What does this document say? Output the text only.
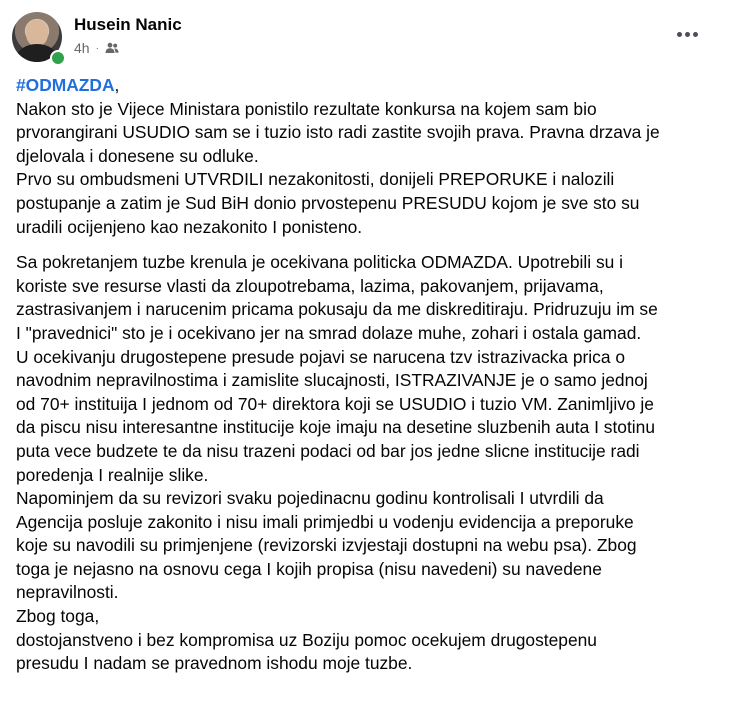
Husein Nanic
4h ·

#ODMAZDA,

Nakon sto je Vijece Ministara ponistilo rezultate konkursa na kojem sam bio

prvorangirani USUDIO sam se i tuzio isto radi zastite svojih prava. Pravna drzava je

djelovala i donesene su odluke.

Prvo su ombudsmeni UTVRDILI nezakonitosti, donijeli PREPORUKE i nalozili

postupanje a zatim je Sud BiH donio prvostepenu PRESUDU kojom je sve sto su

uradili ocijenjeno kao nezakonito I ponisteno.

Sa pokretanjem tuzbe krenula je ocekivana politicka ODMAZDA. Upotrebili su i

koriste sve resurse vlasti da zloupotrebama, lazima, pakovanjem, prijavama,

zastrasivanjem i narucenim pricama pokusaju da me diskreditiraju. Pridruzuju im se

I "pravednici" sto je i ocekivano jer na smrad dolaze muhe, zohari i ostala gamad.

U ocekivanju drugostepene presude pojavi se narucena tzv istrazivacka prica o

navodnim nepravilnostima i zamislite slucajnosti, ISTRAZIVANJE je o samo jednoj

od 70+ instituija I jednom od 70+ direktora koji se USUDIO i tuzio VM. Zanimljivo je

da piscu nisu interesantne institucije koje imaju na desetine sluzbenih auta I stotinu

puta vece budzete te da nisu trazeni podaci od bar jos jedne slicne institucije radi

poredenja I realnije slike.

Napominjem da su revizori svaku pojedinacnu godinu kontrolisali I utvrdili da

Agencija posluje zakonito i nisu imali primjedbi u vodenju evidencija a preporuke

koje su navodili su primjenjene (revizorski izvjestaji dostupni na webu psa). Zbog

toga je nejasno na osnovu cega I kojih propisa (nisu navedeni) su navedene

nepravilnosti.

Zbog toga,

dostojanstveno i bez kompromisa uz Boziju pomoc ocekujem drugostepenu

presudu I nadam se pravednom ishodu moje tuzbe.
